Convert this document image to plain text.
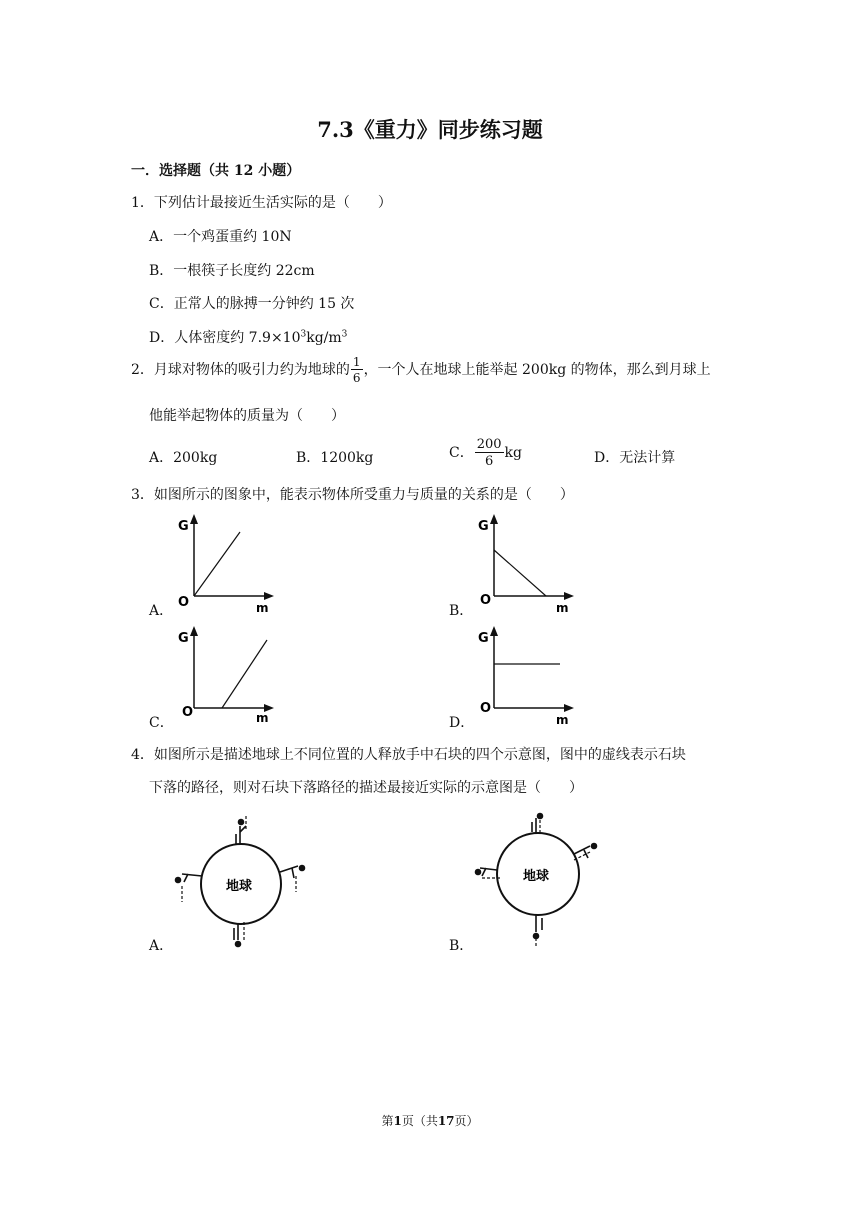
7.3《重力》同步练习题
一．选择题（共 12 小题）
1．下列估计最接近生活实际的是（　　）
A．一个鸡蛋重约 10N
B．一根筷子长度约 22cm
C．正常人的脉搏一分钟约 15 次
D．人体密度约 $7.9\times 10^3kg/m^3$
2．月球对物体的吸引力约为地球的 $\frac{1}{6}$ ，一个人在地球上能举起 200kg 的物体，那么到月球上
他能举起物体的质量为（　　）
A．200kg	B．1200kg	C． $\frac{200}{6}$ kg	D．无法计算
3．如图所示的图象中，能表示物体所受重力与质量的关系的是（　　）
A．
G
O	m	B．
G
O	m
C．
G
O	m	D．
G
O
m
4．如图所示是描述地球上不同位置的人释放手中石块的四个示意图，图中的虚线表示石块
下落的路径，则对石块下落路径的描述最接近实际的示意图是（　　）
A．
地球
B．
地球
第1页（共17页）
